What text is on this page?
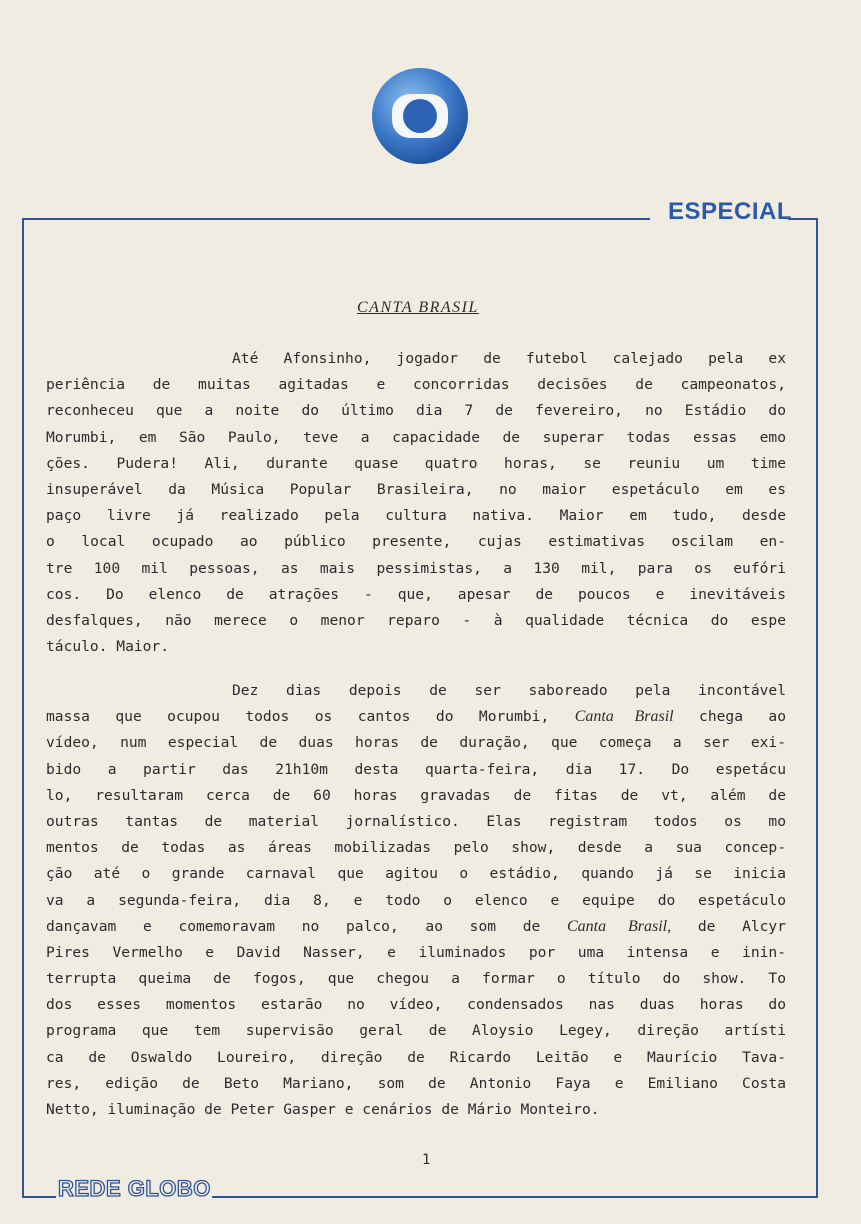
ESPECIAL
CANTA BRASIL
Até Afonsinho, jogador de futebol calejado pela ex
periência de muitas agitadas e concorridas decisões de campeonatos,
reconheceu que a noite do último dia 7 de fevereiro, no Estádio do
Morumbi, em São Paulo, teve a capacidade de superar todas essas emo
ções. Pudera! Ali, durante quase quatro horas, se reuniu um time
insuperável da Música Popular Brasileira, no maior espetáculo em es
paço livre já realizado pela cultura nativa. Maior em tudo, desde
o local ocupado ao público presente, cujas estimativas oscilam en-
tre 100 mil pessoas, as mais pessimistas, a 130 mil, para os eufóri
cos. Do elenco de atrações - que, apesar de poucos e inevitáveis
desfalques, não merece o menor reparo - à qualidade técnica do espe
táculo. Maior.
Dez dias depois de ser saboreado pela incontável
massa que ocupou todos os cantos do Morumbi, Canta Brasil chega ao
vídeo, num especial de duas horas de duração, que começa a ser exi-
bido a partir das 21h10m desta quarta-feira, dia 17. Do espetácu
lo, resultaram cerca de 60 horas gravadas de fitas de vt, além de
outras tantas de material jornalístico. Elas registram todos os mo
mentos de todas as áreas mobilizadas pelo show, desde a sua concep-
ção até o grande carnaval que agitou o estádio, quando já se inicia
va a segunda-feira, dia 8, e todo o elenco e equipe do espetáculo
dançavam e comemoravam no palco, ao som de Canta Brasil, de Alcyr
Pires Vermelho e David Nasser, e iluminados por uma intensa e inin-
terrupta queima de fogos, que chegou a formar o título do show. To
dos esses momentos estarão no vídeo, condensados nas duas horas do
programa que tem supervisão geral de Aloysio Legey, direção artísti
ca de Oswaldo Loureiro, direção de Ricardo Leitão e Maurício Tava-
res, edição de Beto Mariano, som de Antonio Faya e Emiliano Costa
Netto, iluminação de Peter Gasper e cenários de Mário Monteiro.
1
REDE GLOBO
